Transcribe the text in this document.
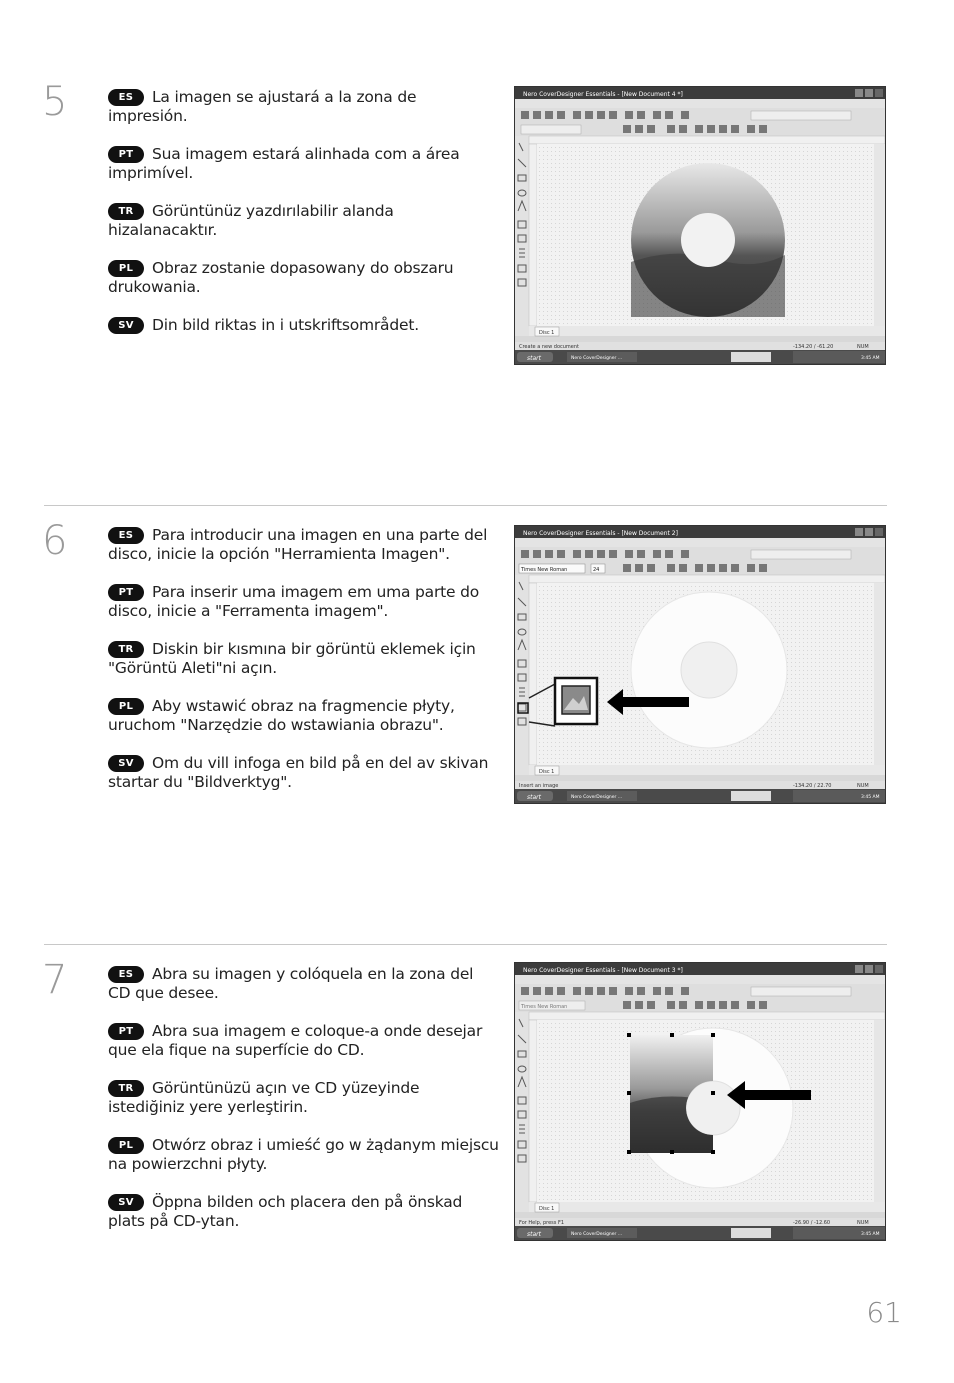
5	ES La imagen se ajustará a la zona de impresión.

PT Sua imagem estará alinhada com a área imprimível.

TR Görüntünüz yazdırılabilir alanda hizalanacaktır.

PL Obraz zostanie dopasowany do obszaru drukowania.

SV Din bild riktas in i utskriftsområdet.

Nero CoverDesigner Essentials - [New Document 4 *]
Disc 1
Create a new document	-134.20 / -61.20	NUM
start	Nero CoverDesigner ...	3:45 AM
6	ES Para introducir una imagen en una parte del disco, inicie la opción "Herramienta Imagen".

PT Para inserir uma imagem em uma parte do disco, inicie a "Ferramenta imagem".

TR Diskin bir kısmına bir görüntü eklemek için "Görüntü Aleti"ni açın.

PL Aby wstawić obraz na fragmencie płyty, uruchom "Narzędzie do wstawiania obrazu".

SV Om du vill infoga en bild på en del av skivan startar du "Bildverktyg".

Nero CoverDesigner Essentials - [New Document 2]
Times New Roman	24
Disc 1
Insert an image	-134.20 / 22.70	NUM
start	Nero CoverDesigner ...	3:45 AM
7	ES Abra su imagen y colóquela en la zona del CD que desee.

PT Abra sua imagem e coloque-a onde desejar que ela fique na superfície do CD.

TR Görüntünüzü açın ve CD yüzeyinde istediğiniz yere yerleştirin.

PL Otwórz obraz i umieść go w żądanym miejscu na powierzchni płyty.

SV Öppna bilden och placera den på önskad plats på CD-ytan.

Nero CoverDesigner Essentials - [New Document 3 *]
Times New Roman
Disc 1
For Help, press F1	-26.90 / -12.60	NUM
start	Nero CoverDesigner ...	3:45 AM
61
